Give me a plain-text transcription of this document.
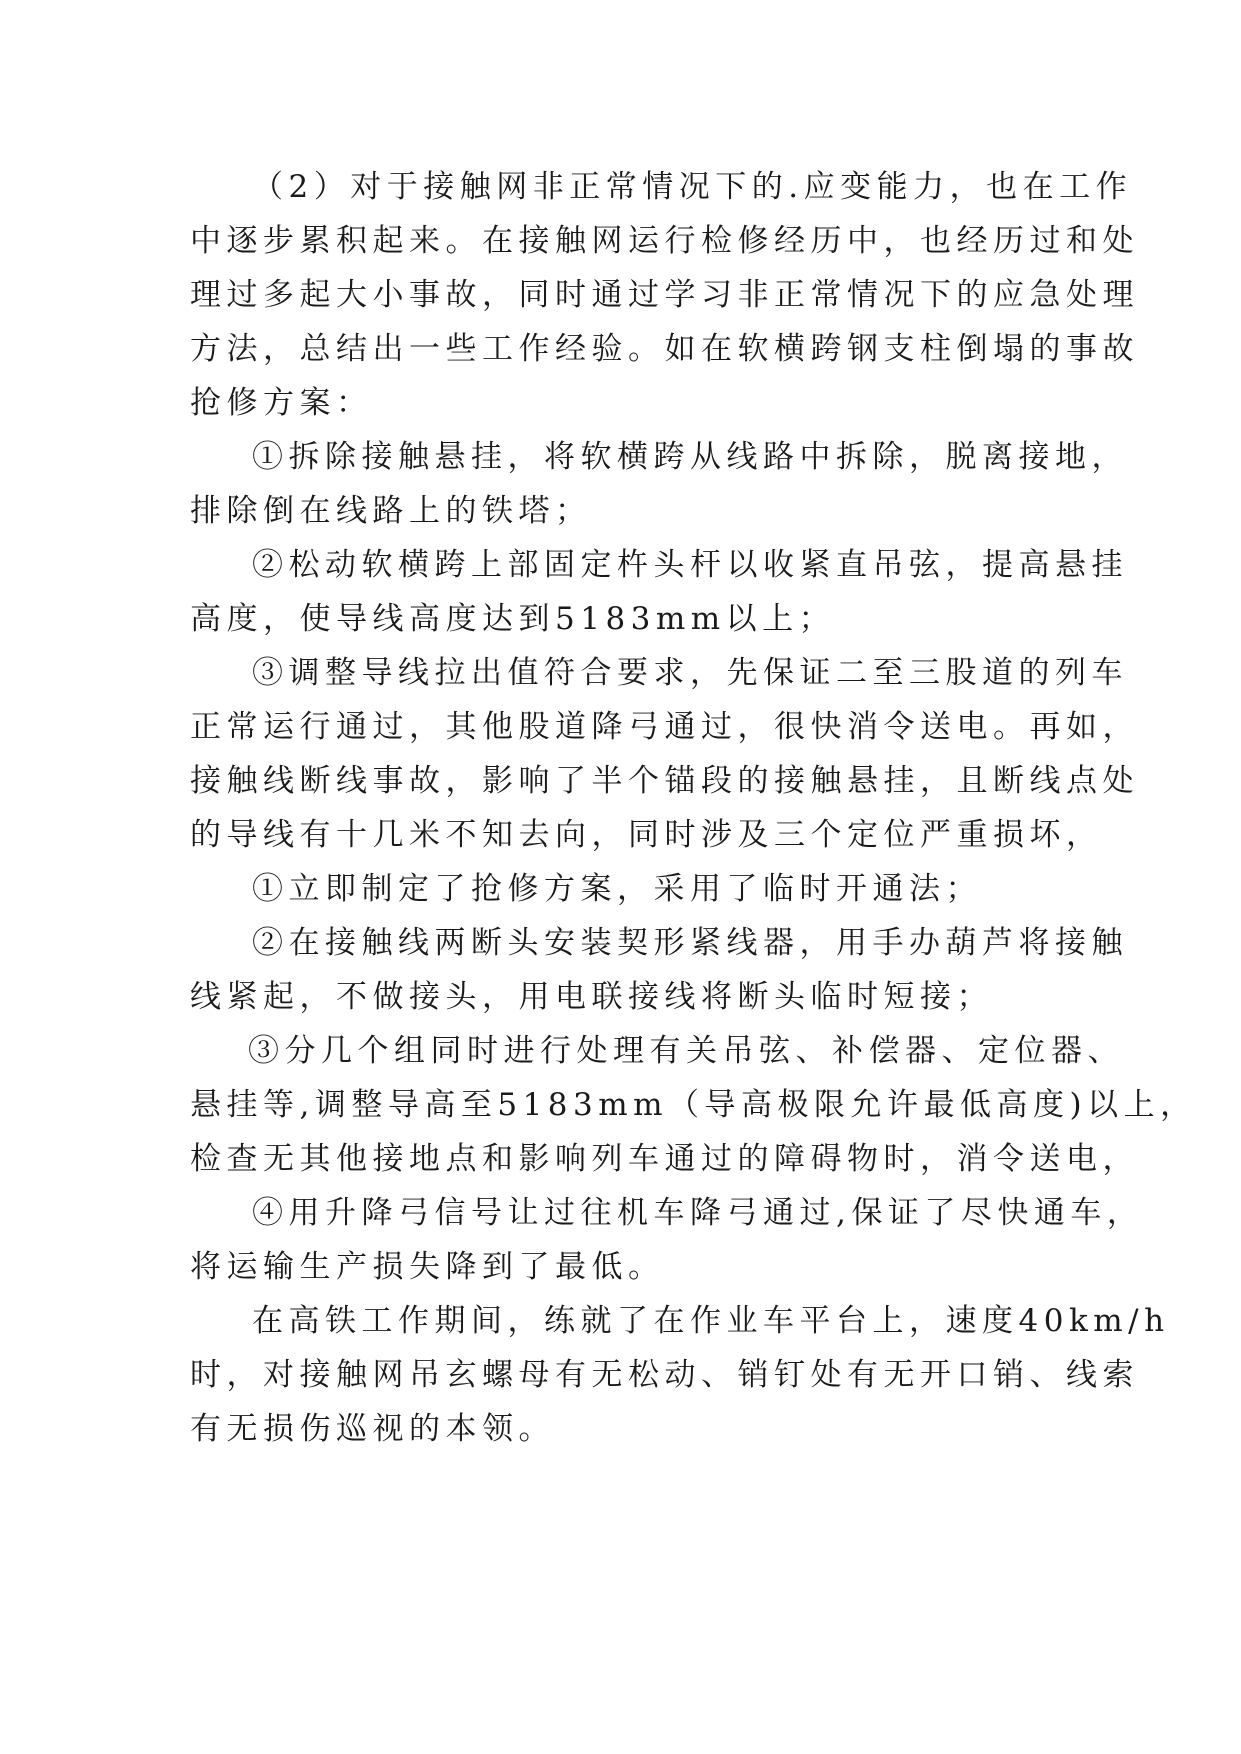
（2）对于接触网非正常情况下的.应变能力，也在工作
中逐步累积起来。在接触网运行检修经历中，也经历过和处
理过多起大小事故，同时通过学习非正常情况下的应急处理
方法，总结出一些工作经验。如在软横跨钢支柱倒塌的事故
抢修方案：
①拆除接触悬挂，将软横跨从线路中拆除，脱离接地，
排除倒在线路上的铁塔；
②松动软横跨上部固定杵头杆以收紧直吊弦，提高悬挂
高度，使导线高度达到5183mm以上；
③调整导线拉出值符合要求，先保证二至三股道的列车
正常运行通过，其他股道降弓通过，很快消令送电。再如，
接触线断线事故，影响了半个锚段的接触悬挂，且断线点处
的导线有十几米不知去向，同时涉及三个定位严重损坏，
①立即制定了抢修方案，采用了临时开通法；
②在接触线两断头安装契形紧线器，用手办葫芦将接触
线紧起，不做接头，用电联接线将断头临时短接；
③分几个组同时进行处理有关吊弦、补偿器、定位器、
悬挂等,调整导高至5183mm（导高极限允许最低高度)以上，
检查无其他接地点和影响列车通过的障碍物时，消令送电，
④用升降弓信号让过往机车降弓通过,保证了尽快通车，
将运输生产损失降到了最低。
在高铁工作期间，练就了在作业车平台上，速度40km/h
时，对接触网吊玄螺母有无松动、销钉处有无开口销、线索
有无损伤巡视的本领。
